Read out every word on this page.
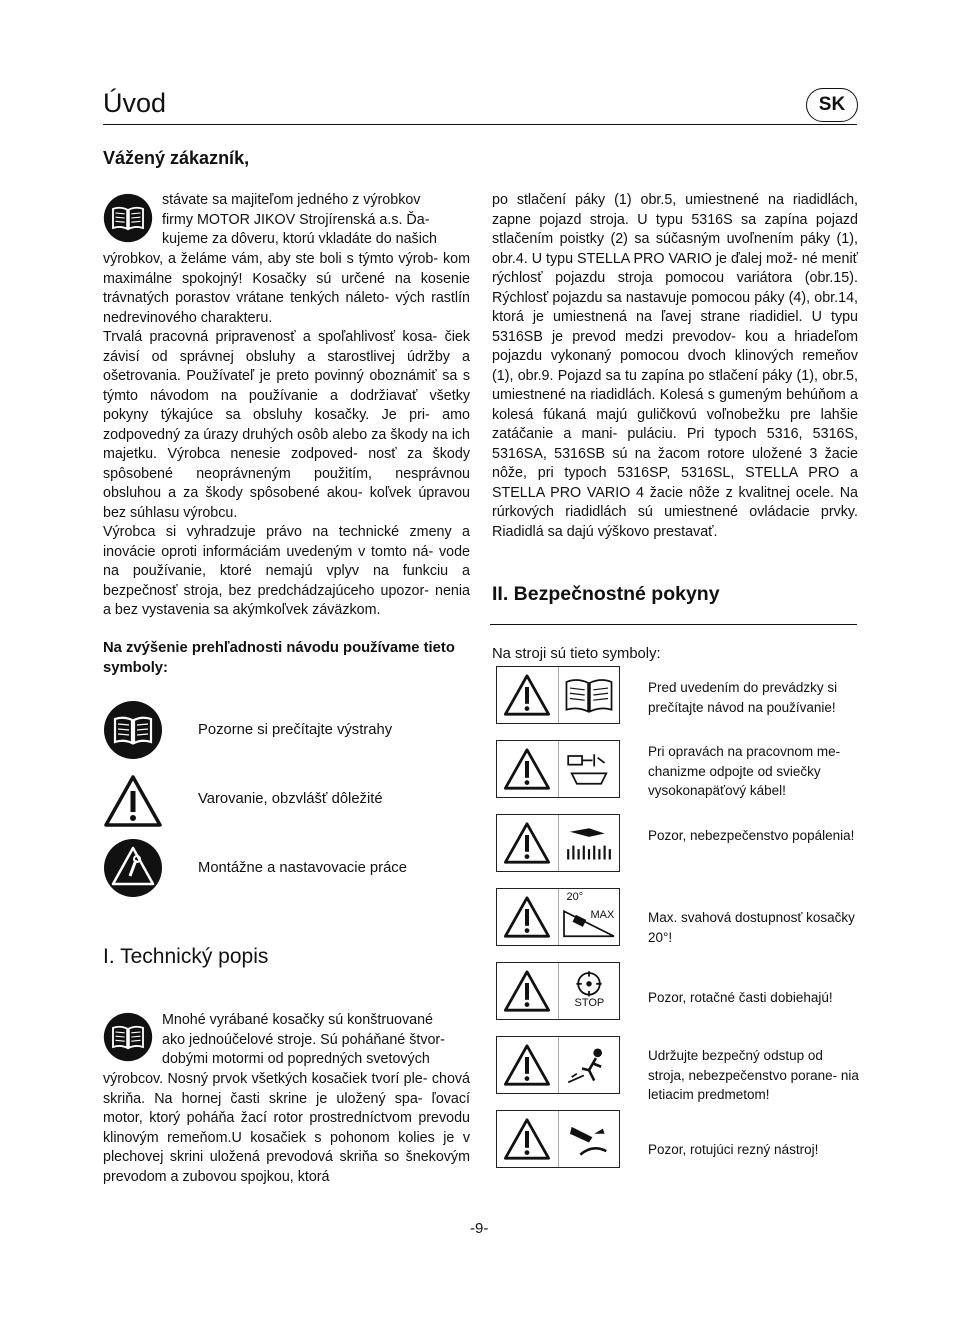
Úvod	SK
Vážený zákazník,

stávate sa majiteľom jedného z výrobkov

firmy MOTOR JIKOV Strojírenská a.s. Ďa-

kujeme za dôveru, ktorú vkladáte do našich

výrobkov, a želáme vám, aby ste boli s týmto výrob- kom maximálne spokojný! Kosačky sú určené na kosenie trávnatých porastov vrátane tenkých náleto- vých rastlín nedrevinového charakteru.

Trvalá pracovná pripravenosť a spoľahlivosť kosa- čiek závisí od správnej obsluhy a starostlivej údržby a ošetrovania. Používateľ je preto povinný oboznámiť sa s týmto návodom na používanie a dodržiavať všetky pokyny týkajúce sa obsluhy kosačky. Je pri- amo zodpovedný za úrazy druhých osôb alebo za škody na ich majetku. Výrobca nenesie zodpoved- nosť za škody spôsobené neoprávneným použitím, nesprávnou obsluhou a za škody spôsobené akou- koľvek úpravou bez súhlasu výrobcu.

Výrobca si vyhradzuje právo na technické zmeny a inovácie oproti informáciám uvedeným v tomto ná- vode na používanie, ktoré nemajú vplyv na funkciu a bezpečnosť stroja, bez predchádzajúceho upozor- nenia a bez vystavenia sa akýmkoľvek záväzkom.

Na zvýšenie prehľadnosti návodu používame tieto symboly:
Pozorne si prečítajte výstrahy
Varovanie, obzvlášť dôležité
Montážne a nastavovacie práce
I. Technický popis

Mnohé vyrábané kosačky sú konštruované

ako jednoúčelové stroje. Sú poháňané štvor-

dobými motormi od popredných svetových

výrobcov. Nosný prvok všetkých kosačiek tvorí ple- chová skriňa. Na hornej časti skrine je uložený spa- ľovací motor, ktorý poháňa žací rotor prostredníctvom prevodu klinovým remeňom.U kosačiek s pohonom kolies je v plechovej skrini uložená prevodová skriňa so šnekovým prevodom a zubovou spojkou, ktorá

po stlačení páky (1) obr.5, umiestnené na riadidlách, zapne pojazd stroja. U typu 5316S sa zapína pojazd stlačením poistky (2) sa súčasným uvoľnením páky (1), obr.4. U typu STELLA PRO VARIO je ďalej mož- né meniť rýchlosť pojazdu stroja pomocou variátora (obr.15). Rýchlosť pojazdu sa nastavuje pomocou páky (4), obr.14, ktorá je umiestnená na ľavej strane riadidiel. U typu 5316SB je prevod medzi prevodov- kou a hriadeľom pojazdu vykonaný pomocou dvoch klinových remeňov (1), obr.9. Pojazd sa tu zapína po stlačení páky (1), obr.5, umiestnené na riadidlách. Kolesá s gumeným behúňom a kolesá fúkaná majú guličkovú voľnobežku pre lahšie zatáčanie a mani- puláciu. Pri typoch 5316, 5316S, 5316SA, 5316SB sú na žacom rotore uložené 3 žacie nôže, pri typoch 5316SP, 5316SL, STELLA PRO a STELLA PRO VARIO 4 žacie nôže z kvalitnej ocele. Na rúrkových riadidlách sú umiestnené ovládacie prvky. Riadidlá sa dajú výškovo prestavať.

II. Bezpečnostné pokyny
Na stroji sú tieto symboly:
Pred uvedením do prevádzky si prečítajte návod na používanie!
Pri opravách na pracovnom me- chanizme odpojte od sviečky vysokonapäťový kábel!
Pozor, nebezpečenstvo popálenia!
20°
MAX Max. svahová dostupnosť kosačky 20°!
STOP	Pozor, rotačné časti dobiehajú!
Udržujte bezpečný odstup od stroja, nebezpečenstvo porane- nia letiacim predmetom!
Pozor, rotujúci rezný nástroj!
-9-
